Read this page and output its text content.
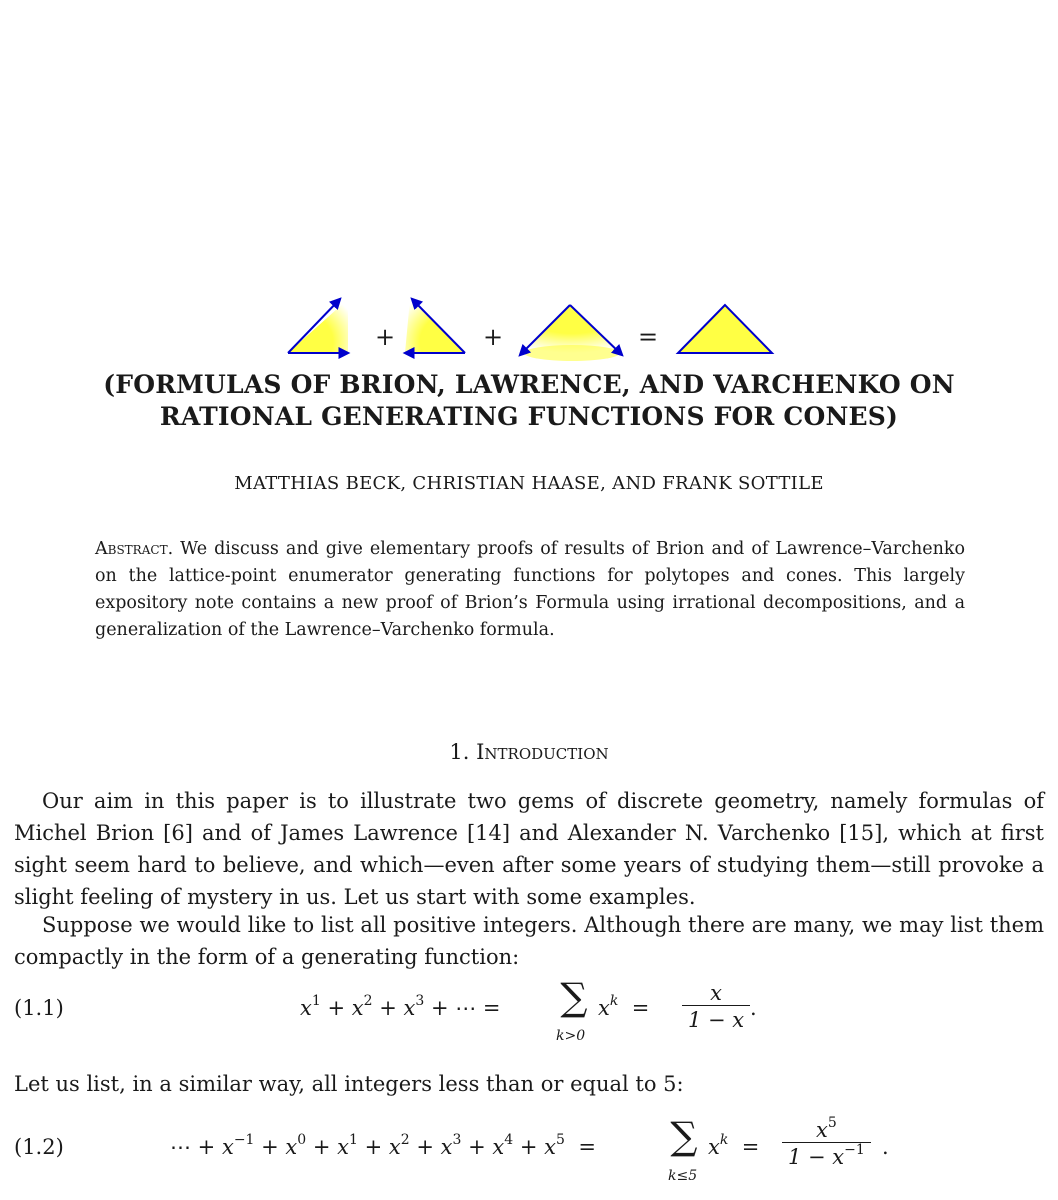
+	+	=
(FORMULAS OF BRION, LAWRENCE, AND VARCHENKO ON
RATIONAL GENERATING FUNCTIONS FOR CONES)
MATTHIAS BECK, CHRISTIAN HAASE, AND FRANK SOTTILE
Abstract. We discuss and give elementary proofs of results of Brion and of Lawrence–Varchenko on the lattice-point enumerator generating functions for polytopes and cones. This largely expository note contains a new proof of Brion’s Formula using irrational decompositions, and a generalization of the Lawrence–Varchenko formula.
1. Introduction
Our aim in this paper is to illustrate two gems of discrete geometry, namely formulas of Michel Brion [6] and of James Lawrence [14] and Alexander N. Varchenko [15], which at first sight seem hard to believe, and which—even after some years of studying them—still provoke a slight feeling of mystery in us. Let us start with some examples.
Suppose we would like to list all positive integers. Although there are many, we may list them compactly in the form of a generating function:
(1.1)	$x^1 + x^2 + x^3$ + ⋯ = ∑
k>0
$x^k = \frac{x}{1 - x}$ .
Let us list, in a similar way, all integers less than or equal to 5:
(1.2)	⋯ + $x^{-1} + x^0 + x^1 + x^2 + x^3 + x^4 + x^5$  = ∑
k≤5
$x^k = \frac{x^5}{1 - x^{-1}}$ .
